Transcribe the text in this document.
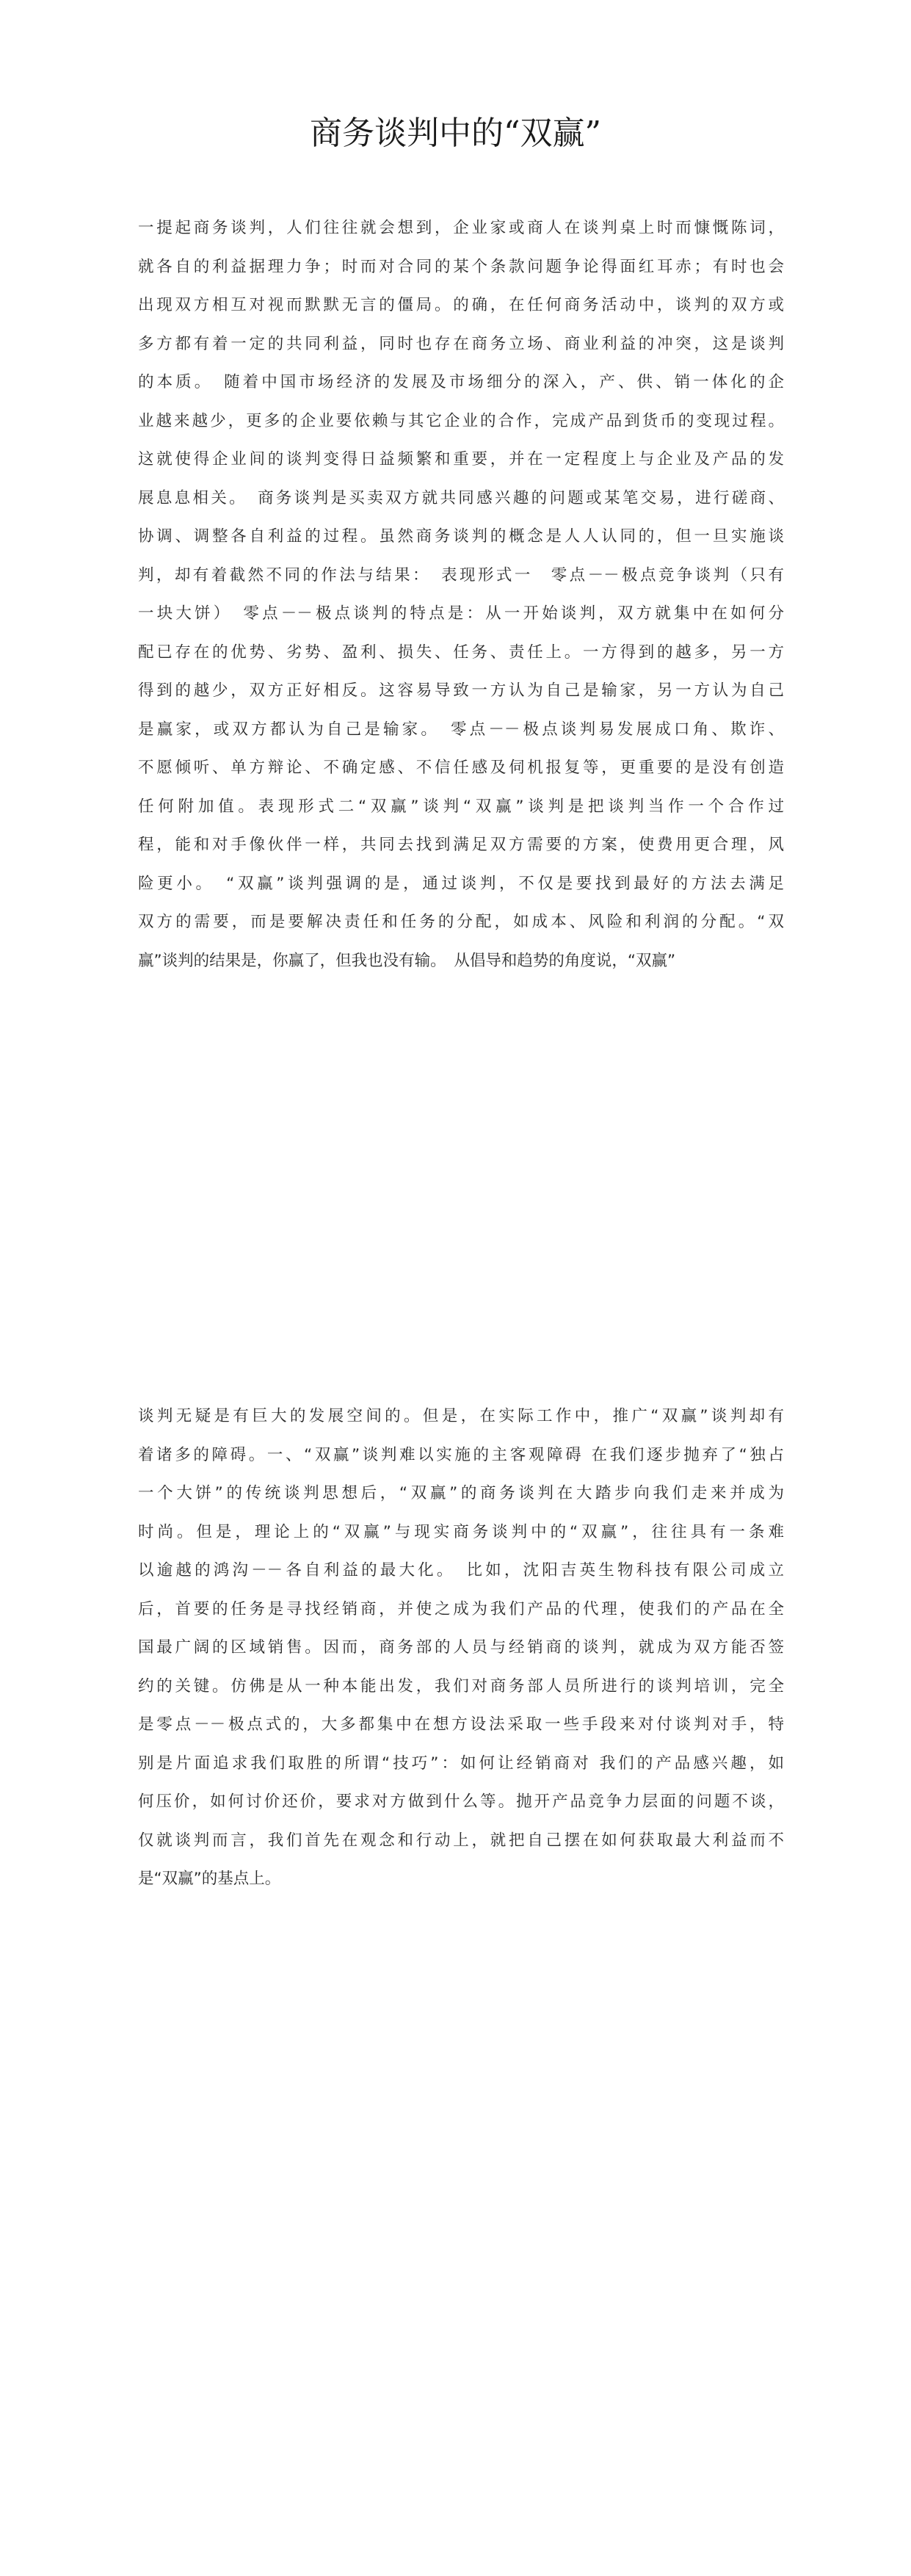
商务谈判中的“双赢”
一提起商务谈判，人们往往就会想到，企业家或商人在谈判桌上时而慷慨陈词，
就各自的利益据理力争；时而对合同的某个条款问题争论得面红耳赤；有时也会
出现双方相互对视而默默无言的僵局。的确，在任何商务活动中，谈判的双方或
多方都有着一定的共同利益，同时也存在商务立场、商业利益的冲突，这是谈判
的本质。　随着中国市场经济的发展及市场细分的深入，产、供、销一体化的企
业越来越少，更多的企业要依赖与其它企业的合作，完成产品到货币的变现过程。
这就使得企业间的谈判变得日益频繁和重要，并在一定程度上与企业及产品的发
展息息相关。　商务谈判是买卖双方就共同感兴趣的问题或某笔交易，进行磋商、
协调、调整各自利益的过程。虽然商务谈判的概念是人人认同的，但一旦实施谈
判，却有着截然不同的作法与结果：　表现形式一　零点－－极点竞争谈判（只有
一块大饼）　零点－－极点谈判的特点是：从一开始谈判，双方就集中在如何分
配已存在的优势、劣势、盈利、损失、任务、责任上。一方得到的越多，另一方
得到的越少，双方正好相反。这容易导致一方认为自己是输家，另一方认为自己
是赢家，或双方都认为自己是输家。　零点－－极点谈判易发展成口角、欺诈、
不愿倾听、单方辩论、不确定感、不信任感及伺机报复等，更重要的是没有创造
任何附加值。表现形式二“双赢”谈判“双赢”谈判是把谈判当作一个合作过
程，能和对手像伙伴一样，共同去找到满足双方需要的方案，使费用更合理，风
险更小。　“双赢”谈判强调的是，通过谈判，不仅是要找到最好的方法去满足
双方的需要，而是要解决责任和任务的分配，如成本、风险和利润的分配。“双
赢”谈判的结果是，你赢了，但我也没有输。　从倡导和趋势的角度说，“双赢”
谈判无疑是有巨大的发展空间的。但是，在实际工作中，推广“双赢”谈判却有
着诸多的障碍。一、“双赢”谈判难以实施的主客观障碍 在我们逐步抛弃了“独占
一个大饼”的传统谈判思想后，“双赢”的商务谈判在大踏步向我们走来并成为
时尚。但是，理论上的“双赢”与现实商务谈判中的“双赢”，往往具有一条难
以逾越的鸿沟－－各自利益的最大化。　比如，沈阳吉英生物科技有限公司成立
后，首要的任务是寻找经销商，并使之成为我们产品的代理，使我们的产品在全
国最广阔的区域销售。因而，商务部的人员与经销商的谈判，就成为双方能否签
约的关键。仿佛是从一种本能出发，我们对商务部人员所进行的谈判培训，完全
是零点－－极点式的，大多都集中在想方设法采取一些手段来对付谈判对手，特
别是片面追求我们取胜的所谓“技巧”：如何让经销商对 我们的产品感兴趣，如
何压价，如何讨价还价，要求对方做到什么等。抛开产品竞争力层面的问题不谈，
仅就谈判而言，我们首先在观念和行动上，就把自己摆在如何获取最大利益而不
是“双赢”的基点上。
